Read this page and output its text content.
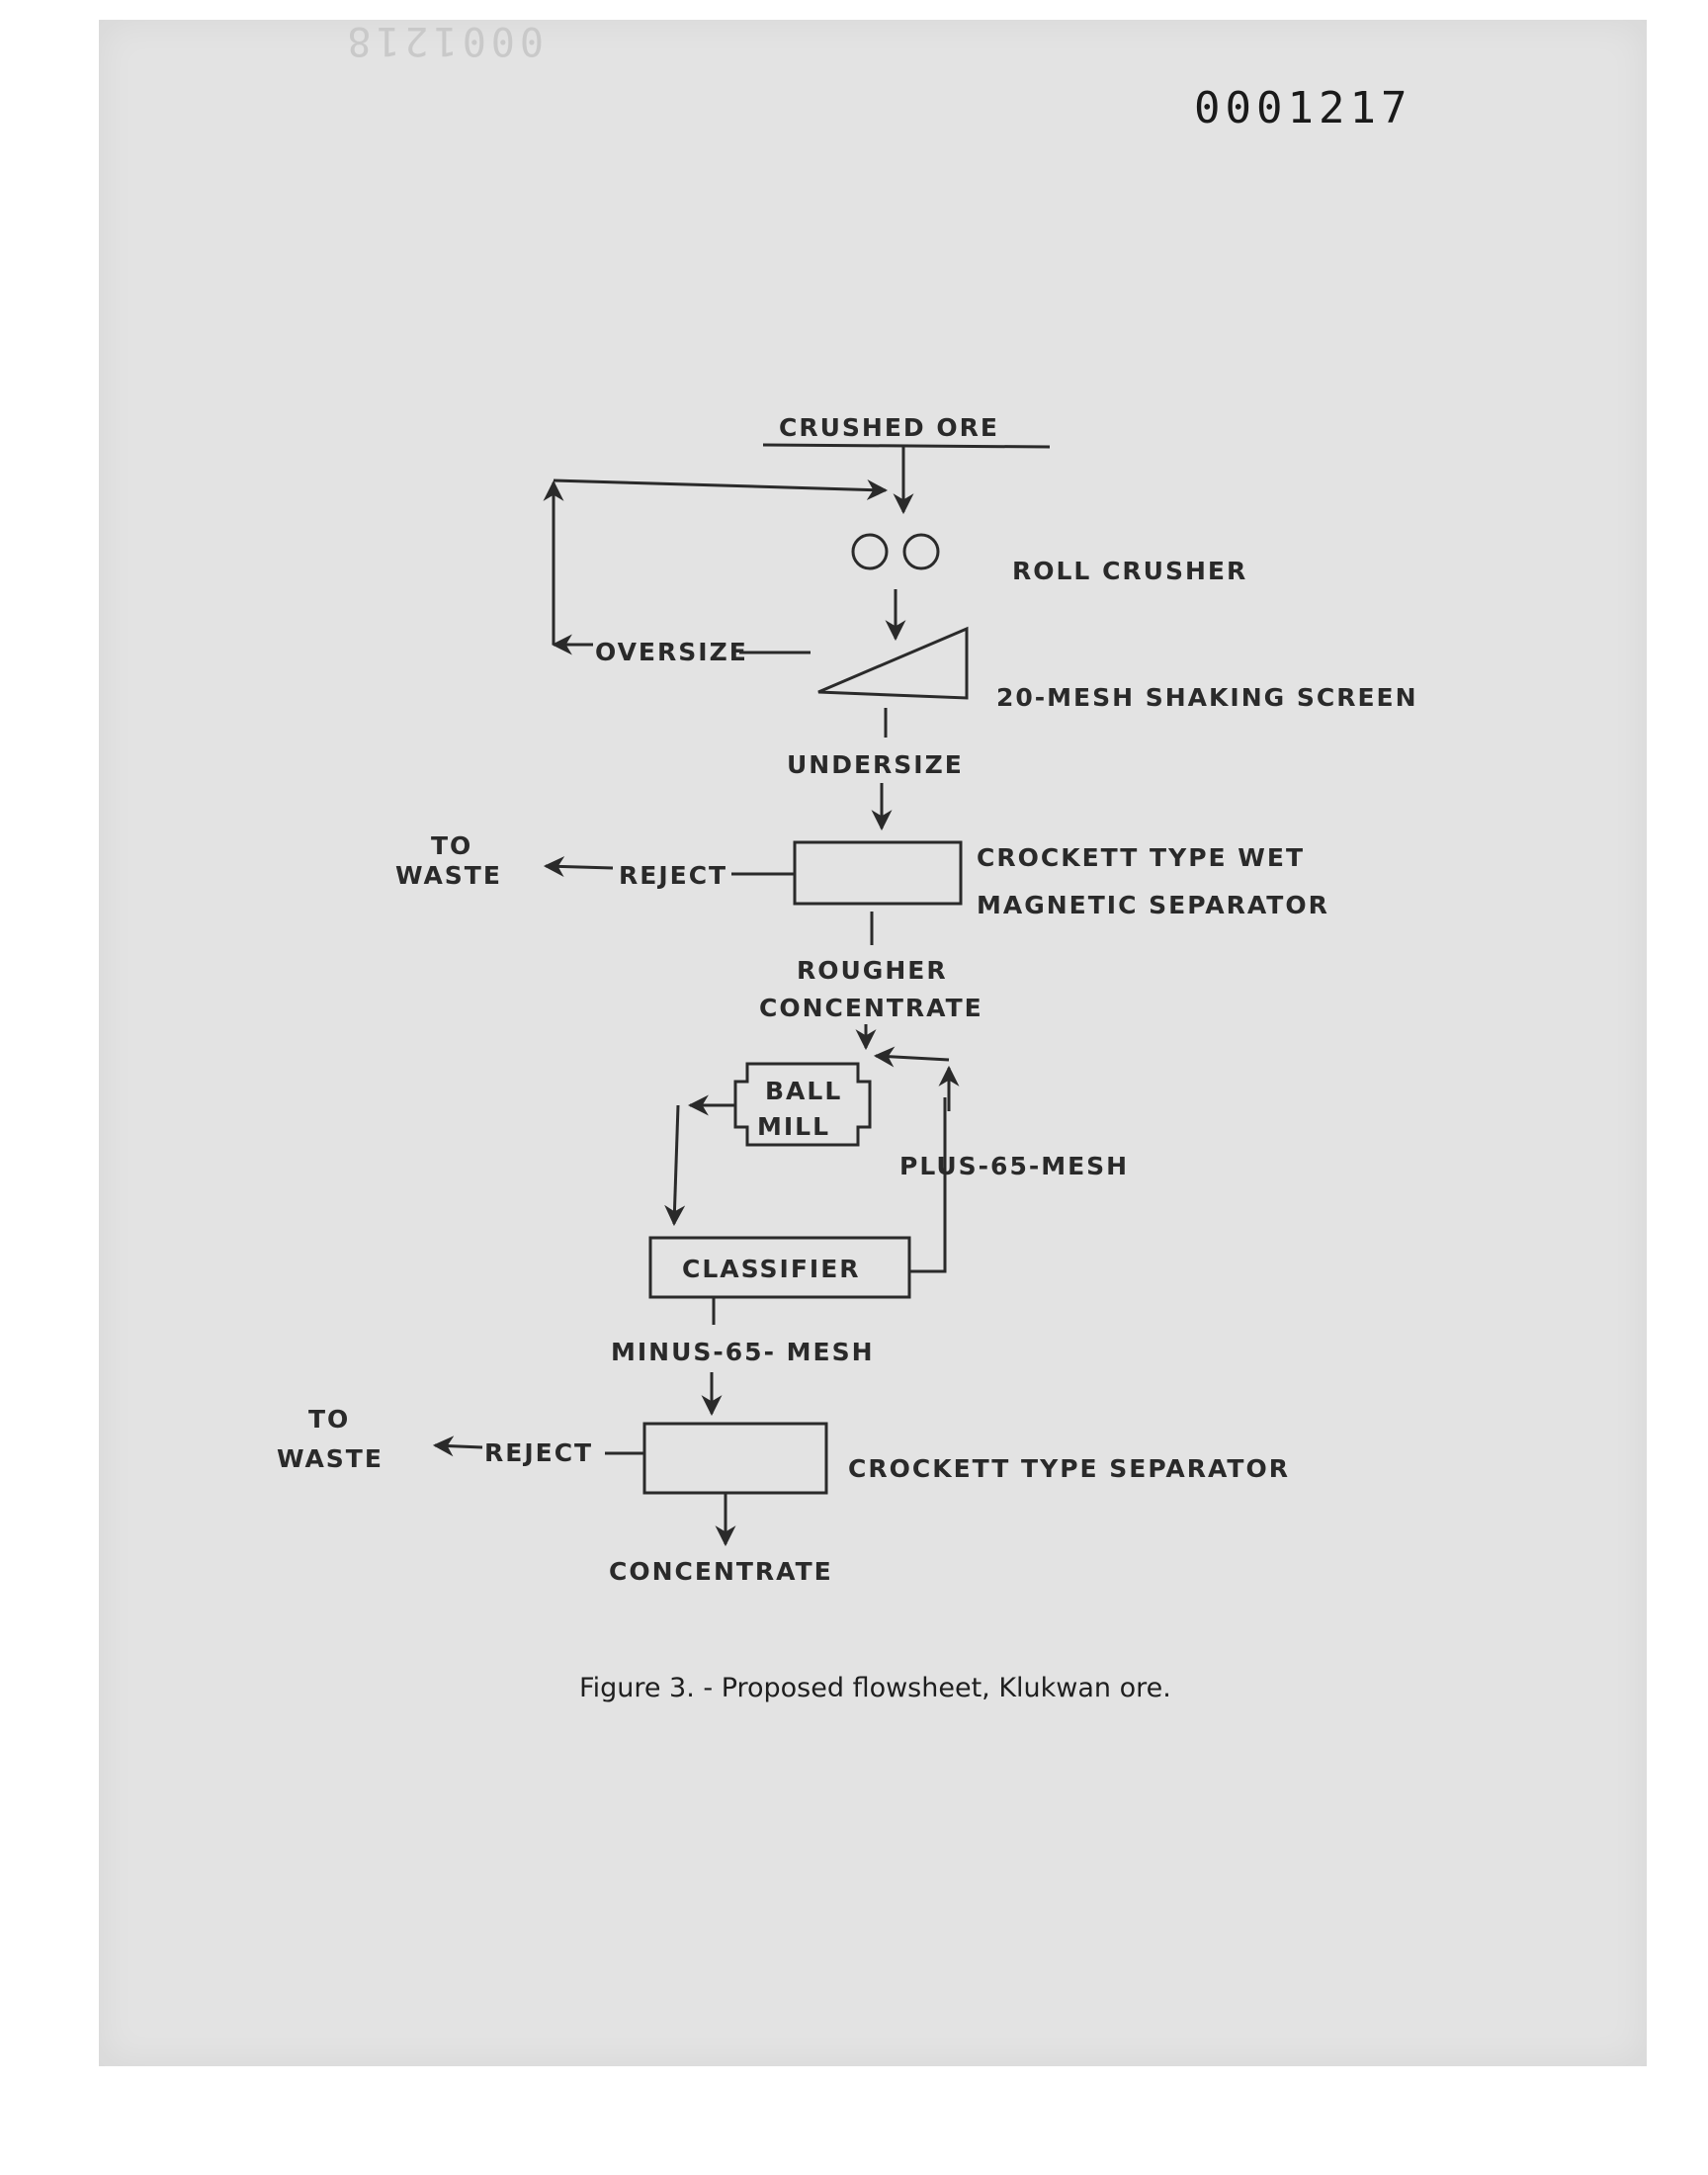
0001218
0001217
CRUSHED ORE
ROLL CRUSHER
OVERSIZE
20-MESH SHAKING SCREEN
UNDERSIZE
CROCKETT TYPE WET
MAGNETIC SEPARATOR
REJECT
TO
WASTE
ROUGHER
CONCENTRATE
BALL
MILL
CLASSIFIER
PLUS-65-MESH
MINUS-65- MESH
CROCKETT TYPE SEPARATOR
REJECT
TO
WASTE
CONCENTRATE
Figure 3. - Proposed flowsheet, Klukwan ore.
